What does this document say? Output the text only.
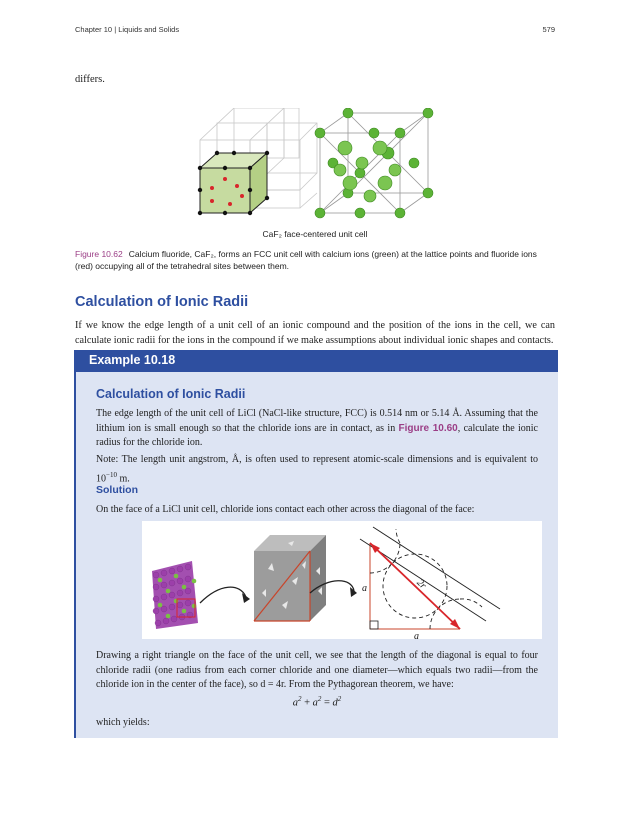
Chapter 10 | Liquids and Solids	579
differs.
CaF₂ face-centered unit cell
Figure 10.62 Calcium fluoride, CaF₂, forms an FCC unit cell with calcium ions (green) at the lattice points and fluoride ions (red) occupying all of the tetrahedral sites between them.
Calculation of Ionic Radii

If we know the edge length of a unit cell of an ionic compound and the position of the ions in the cell, we can calculate ionic radii for the ions in the compound if we make assumptions about individual ionic shapes and contacts.

Example 10.18
Calculation of Ionic Radii

The edge length of the unit cell of LiCl (NaCl-like structure, FCC) is 0.514 nm or 5.14 Å. Assuming that the lithium ion is small enough so that the chloride ions are in contact, as in Figure 10.60, calculate the ionic radius for the chloride ion.

Note: The length unit angstrom, Å, is often used to represent atomic-scale dimensions and is equivalent to $10^{-10}$ m.

Solution

On the face of a LiCl unit cell, chloride ions contact each other across the diagonal of the face:

a
a
2r

Drawing a right triangle on the face of the unit cell, we see that the length of the diagonal is equal to four chloride radii (one radius from each corner chloride and one diameter—which equals two radii—from the chloride ion in the center of the face), so d = 4r. From the Pythagorean theorem, we have:

$a^2 + a^2 = d^2$

which yields:
